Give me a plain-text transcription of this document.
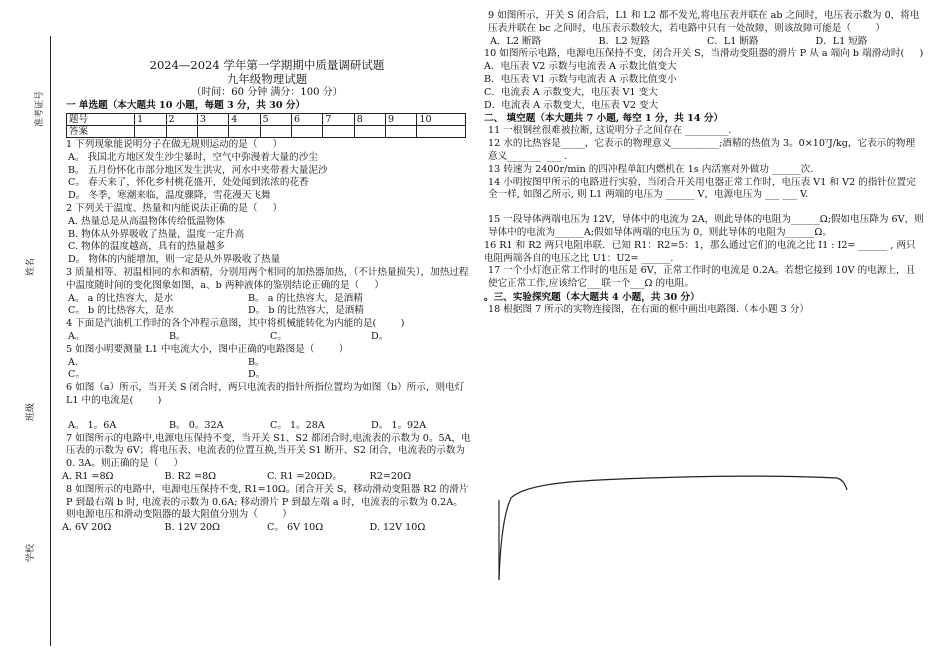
准考证号
姓名
班级
学校
2024—2024 学年第一学期期中质量调研试题
九年级物理试题
（时间：60 分钟 满分：100 分）
一 单选题（本大题共 10 小题，每题 3 分，共 30 分）
题号	1	2	3	4	5	6	7	8	9	10
答案										
1 下列现象能说明分子在做无规则运动的是（     ）
A。 我国北方地区发生沙尘暴时，空气中弥漫着大量的沙尘
B。 五月份怀化市部分地区发生洪灾，河水中夹带着大量泥沙
C。 春天来了，怀化乡村桃花盛开，处处闻到浓浓的花香
D。 冬季，寒潮来临，温度骤降，雪花漫天飞舞
2 下列关于温度、热量和内能说法正确的是（     ）
A. 热量总是从高温物体传给低温物体
B. 物体从外界吸收了热量，温度一定升高
C. 物体的温度越高，具有的热量越多
D。 物体的内能增加，则一定是从外界吸收了热量
3 质量相等、初温相同的水和酒精，分别用两个相同的加热器加热，（不计热量损失），加热过程中温度随时间的变化图象如图，a、b 两种液体的鉴别结论正确的是（     ）
A。 a 的比热容大，是水	B。 a 的比热容大，是酒精
C。 b 的比热容大，是水	D。 b 的比热容大，是酒精
4 下面是汽油机工作时的各个冲程示意图，其中将机械能转化为内能的是(        )
A。	B。	C。	D。
5 如图小明要测量 L1 中电流大小，图中正确的电路图是（        ）
A.	B。
C。	D。
6 如图（a）所示，当开关 S 闭合时，两只电流表的指针所指位置均为如图（b）所示，则电灯 L1 中的电流是(        )
A。 1。6A	B。 0。32A	C。 1。28A	D。 1。92A
7 如图所示的电路中,电源电压保持不变，当开关 S1、S2 都闭合时,电流表的示数为 0。5A，电压表的示数为 6V；将电压表、电流表的位置互换,当开关 S1 断开、S2 闭合，电流表的示数为 0. 3A。则正确的是（     ）
A. R1 =8Ω	B. R2 =8Ω	C. R1 =20ΩD。	R2=20Ω
8 如图所示的电路中，电源电压保持不变, R1=10Ω。闭合开关 S，移动滑动变阻器 R2 的滑片 P 到最右端 b 时, 电流表的示数为 0.6A; 移动滑片 P 到最左端 a 时，电流表的示数为 0.2A。则电源电压和滑动变阻器的最大阻值分别为（        ）
A. 6V 20Ω	B. 12V 20Ω	C。 6V 10Ω	D. 12V 10Ω
9 如图所示，开关 S 闭合后，L1 和 L2 都不发光,将电压表并联在 ab 之间时，电压表示数为 0，将电压表并联在 bc 之间时，电压表示数较大，若电路中只有一处故障，则该故障可能是（        ）
A．L2 断路	B．L2 短路	C．L1 断路	D．L1 短路
10 如图所示电路，电源电压保持不变，闭合开关 S，当滑动变阻器的滑片 P 从 a 端向 b 端滑动时(     )
A．电压表 V2 示数与电流表 A 示数比值变大
B．电压表 V1 示数与电流表 A 示数比值变小
C．电流表 A 示数变大，电压表 V1 变大
D．电流表 A 示数变大，电压表 V2 变大
二、 填空题（本大题共 7 小题, 每空 1 分，共 14 分）
11 一根钢丝很难被拉断, 这说明分子之间存在 _________.
12 水的比热容是_____，它表示的物理意义__________;酒精的热值为 3。0×10⁷J/kg，它表示的物理意义_______  ___ .
13 转速为 2400r/min 的四冲程单缸内燃机在 1s 内活塞对外做功 ______次.
14 小明按图甲所示的电路进行实验，当闭合开关用电器正常工作时，电压表 V1 和 V2 的指针位置完全一样, 如图乙所示, 则 L1 两端的电压为 ______ V，电源电压为 ___ ___ V.
15 一段导体两端电压为 12V，导体中的电流为 2A，则此导体的电阻为______Ω;假如电压降为 6V，则导体中的电流为______A;假如导体两端的电压为 0，则此导体的电阻为______Ω。
16 R1 和 R2 两只电阻串联．已知 R1：R2=5：1，那么通过它们的电流之比 I1 : I2= ______ , 两只电阻两端各自的电压之比 U1：U2= ______.
17 一个小灯泡正常工作时的电压是 6V，正常工作时的电流是 0.2A。若想它接到 10V 的电源上，且使它正常工作,应该给它___联一个___Ω 的电阻。
。三、实验探究题（本大题共 4 小题，共 30 分）
18 根据图 7 所示的实物连接图，在右面的框中画出电路图.（本小题 3 分）
